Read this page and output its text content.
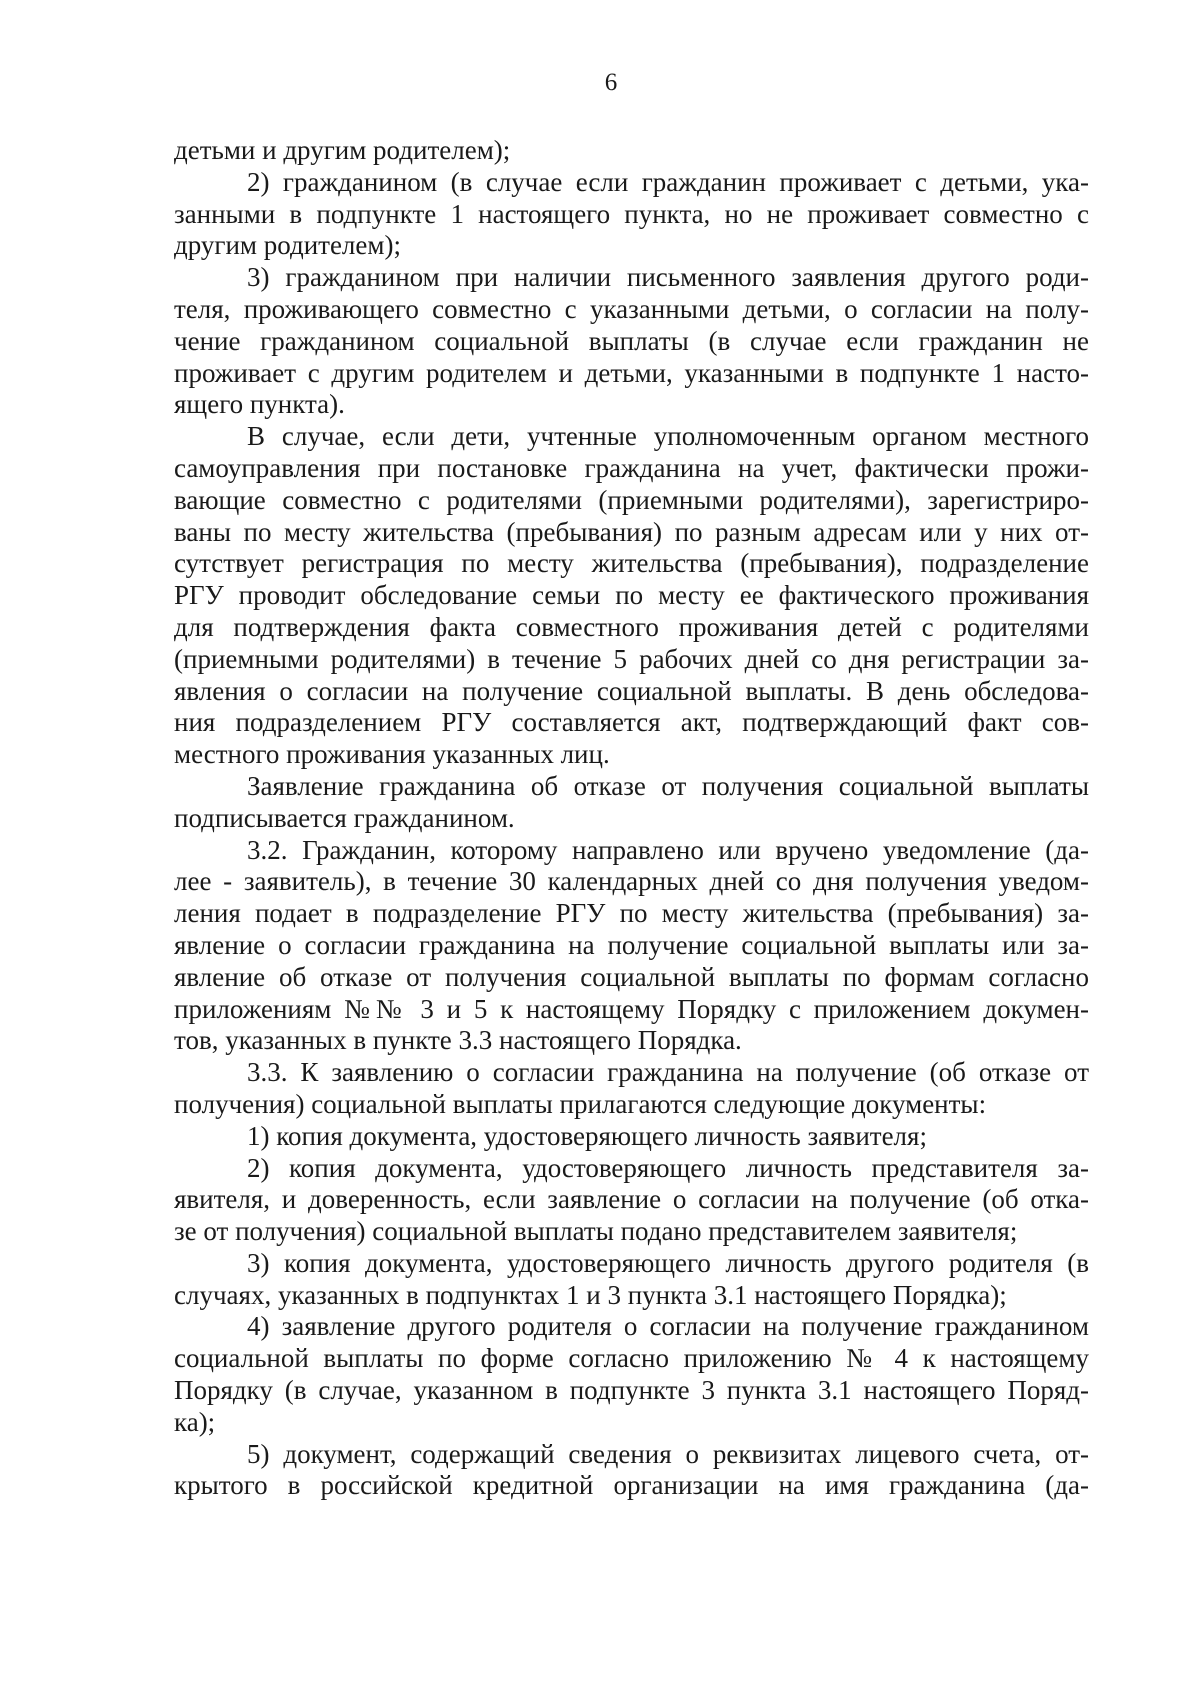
6
детьми и другим родителем);
2) гражданином (в случае если гражданин проживает с детьми, ука-
занными в подпункте 1 настоящего пункта, но не проживает совместно с
другим родителем);
3) гражданином при наличии письменного заявления другого роди-
теля, проживающего совместно с указанными детьми, о согласии на полу-
чение гражданином социальной выплаты (в случае если гражданин не
проживает с другим родителем и детьми, указанными в подпункте 1 насто-
ящего пункта).
В случае, если дети, учтенные уполномоченным органом местного
самоуправления при постановке гражданина на учет, фактически прожи-
вающие совместно с родителями (приемными родителями), зарегистриро-
ваны по месту жительства (пребывания) по разным адресам или у них от-
сутствует регистрация по месту жительства (пребывания), подразделение
РГУ проводит обследование семьи по месту ее фактического проживания
для подтверждения факта совместного проживания детей с родителями
(приемными родителями) в течение 5 рабочих дней со дня регистрации за-
явления о согласии на получение социальной выплаты. В день обследова-
ния подразделением РГУ составляется акт, подтверждающий факт сов-
местного проживания указанных лиц.
Заявление гражданина об отказе от получения социальной выплаты
подписывается гражданином.
3.2. Гражданин, которому направлено или вручено уведомление (да-
лее - заявитель), в течение 30 календарных дней со дня получения уведом-
ления подает в подразделение РГУ по месту жительства (пребывания) за-
явление о согласии гражданина на получение социальной выплаты или за-
явление об отказе от получения социальной выплаты по формам согласно
приложениям №№ 3 и 5 к настоящему Порядку с приложением докумен-
тов, указанных в пункте 3.3 настоящего Порядка.
3.3. К заявлению о согласии гражданина на получение (об отказе от
получения) социальной выплаты прилагаются следующие документы:
1) копия документа, удостоверяющего личность заявителя;
2) копия документа, удостоверяющего личность представителя за-
явителя, и доверенность, если заявление о согласии на получение (об отка-
зе от получения) социальной выплаты подано представителем заявителя;
3) копия документа, удостоверяющего личность другого родителя (в
случаях, указанных в подпунктах 1 и 3 пункта 3.1 настоящего Порядка);
4) заявление другого родителя о согласии на получение гражданином
социальной выплаты по форме согласно приложению № 4 к настоящему
Порядку (в случае, указанном в подпункте 3 пункта 3.1 настоящего Поряд-
ка);
5) документ, содержащий сведения о реквизитах лицевого счета, от-
крытого в российской кредитной организации на имя гражданина (да-
